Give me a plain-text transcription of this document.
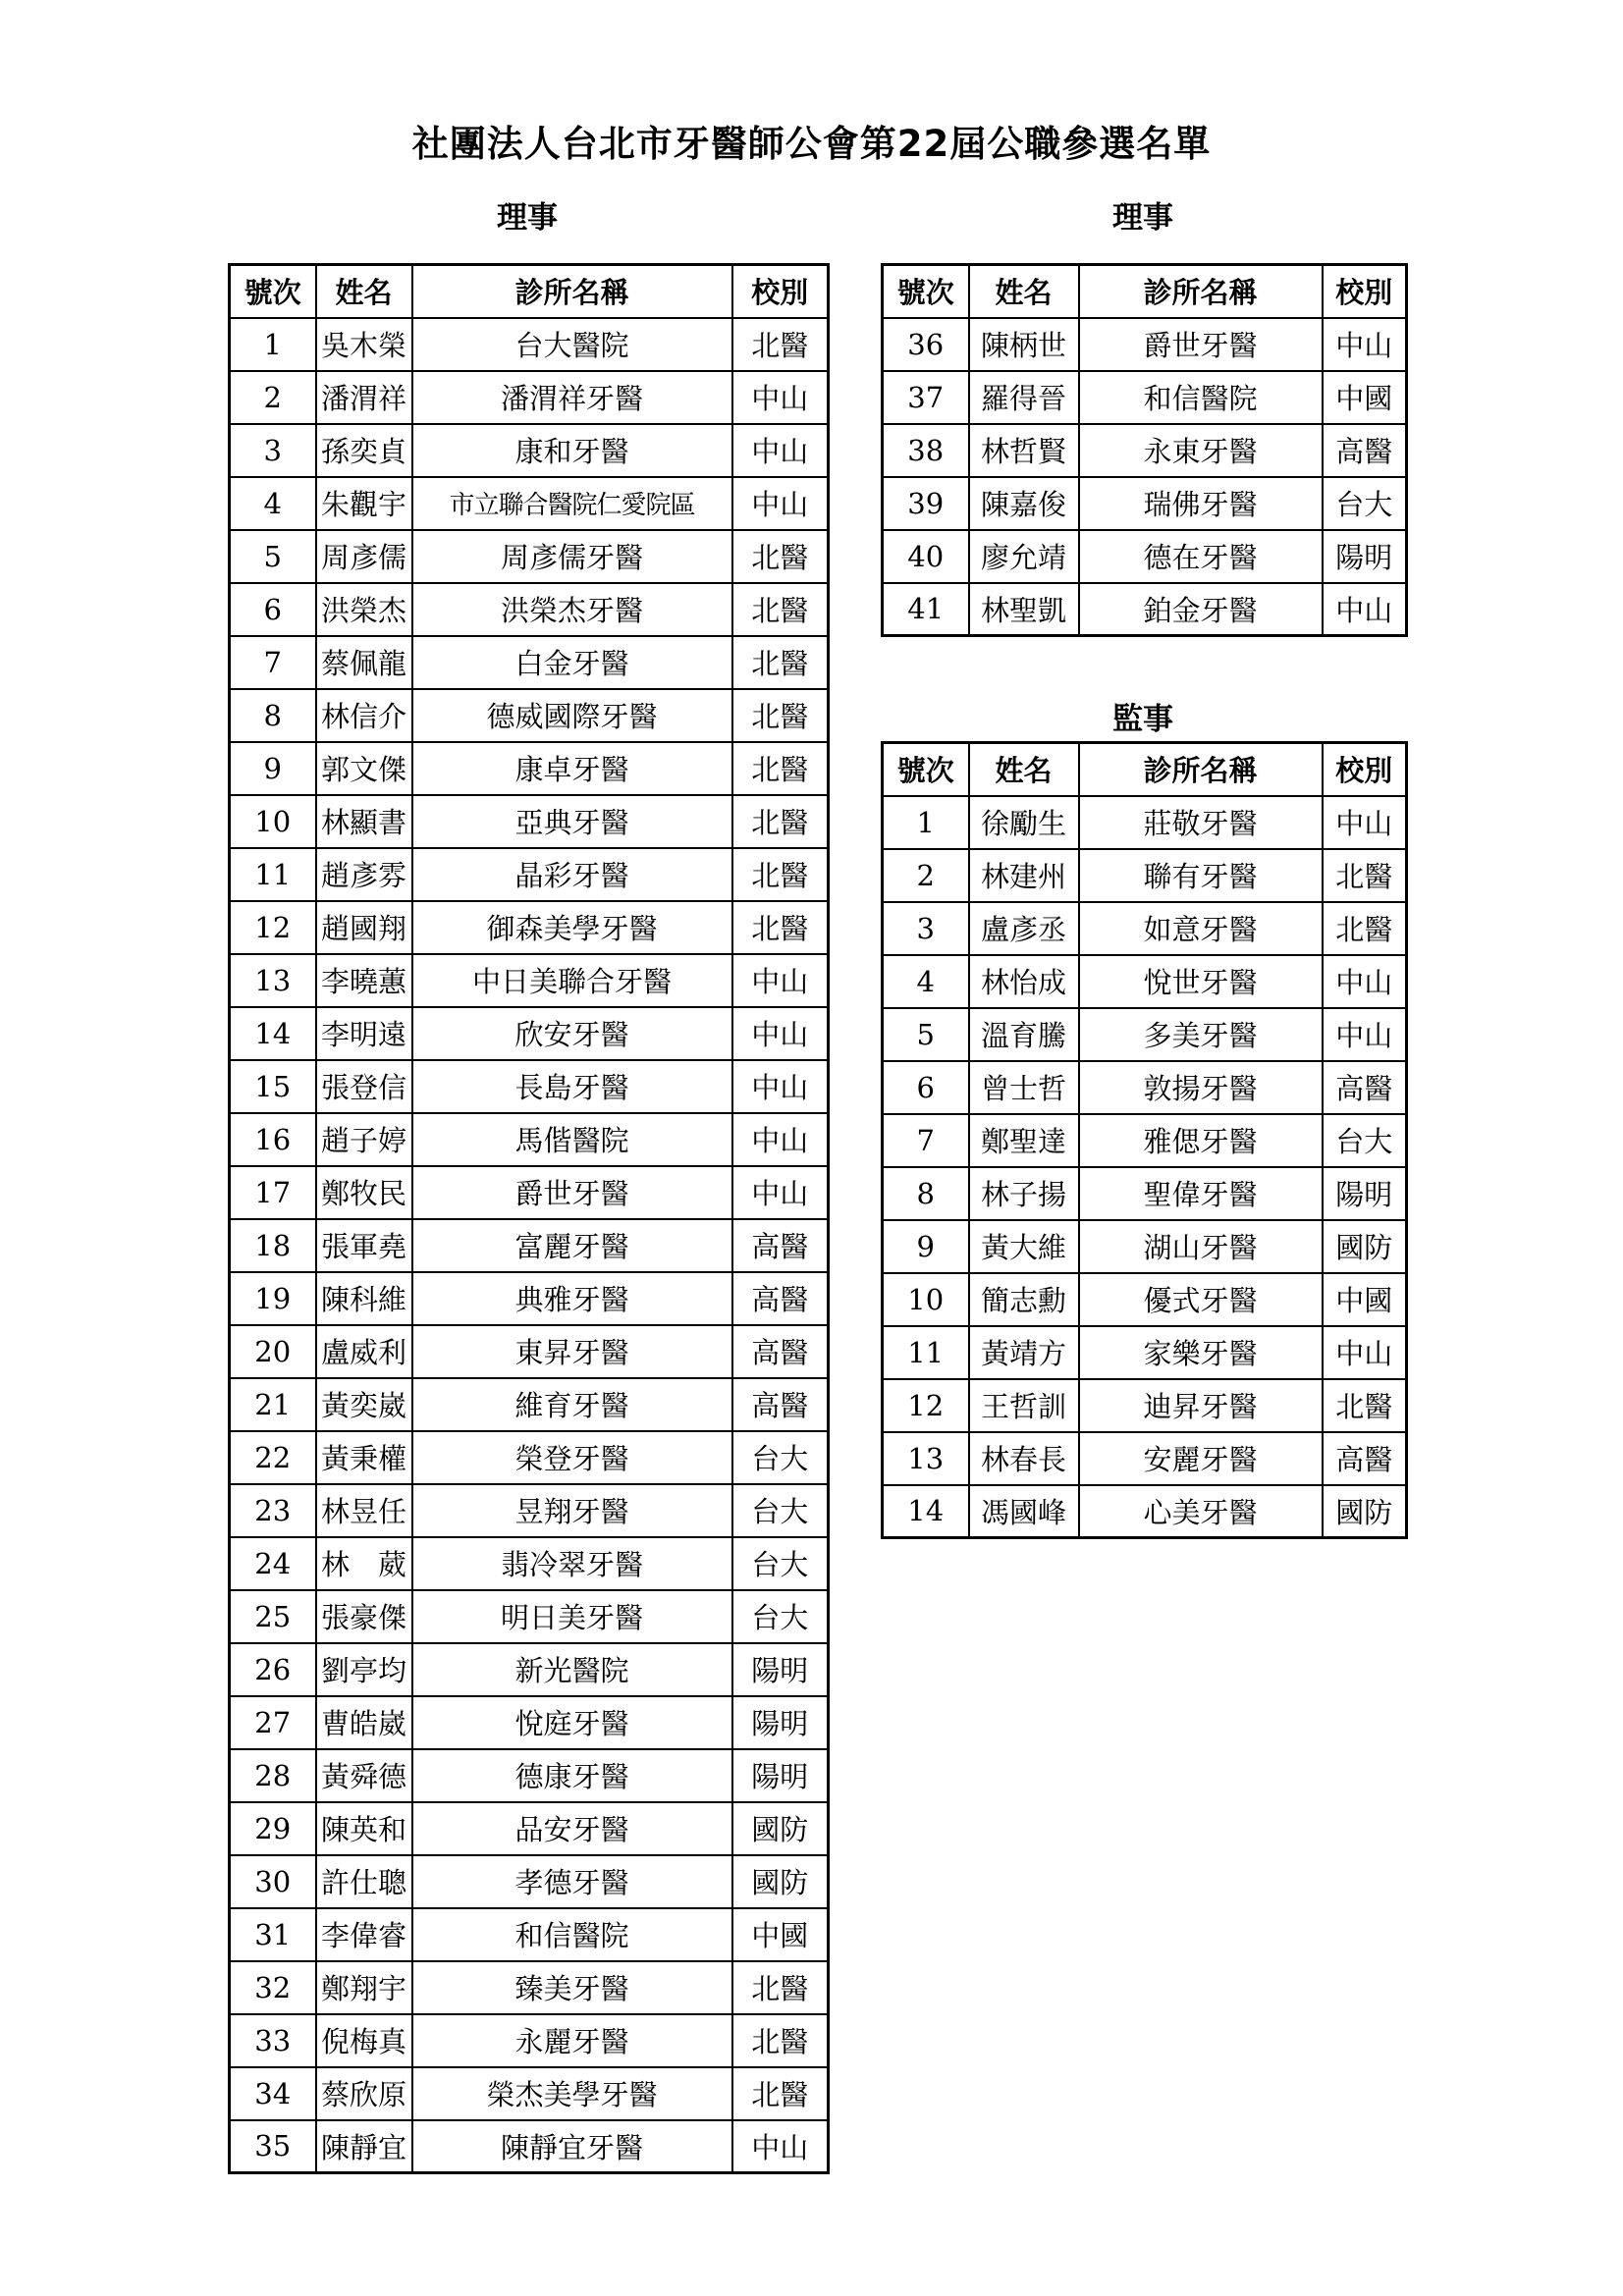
社團法人台北市牙醫師公會第22屆公職參選名單
理事	理事
監事
號次	姓名	診所名稱	校別
1	吳木榮	台大醫院	北醫
2	潘渭祥	潘渭祥牙醫	中山
3	孫奕貞	康和牙醫	中山
4	朱觀宇	市立聯合醫院仁愛院區	中山
5	周彥儒	周彥儒牙醫	北醫
6	洪榮杰	洪榮杰牙醫	北醫
7	蔡佩龍	白金牙醫	北醫
8	林信介	德威國際牙醫	北醫
9	郭文傑	康卓牙醫	北醫
10	林顯書	亞典牙醫	北醫
11	趙彥雰	晶彩牙醫	北醫
12	趙國翔	御森美學牙醫	北醫
13	李曉蕙	中日美聯合牙醫	中山
14	李明遠	欣安牙醫	中山
15	張登信	長島牙醫	中山
16	趙子婷	馬偕醫院	中山
17	鄭牧民	爵世牙醫	中山
18	張軍堯	富麗牙醫	高醫
19	陳科維	典雅牙醫	高醫
20	盧威利	東昇牙醫	高醫
21	黃奕崴	維育牙醫	高醫
22	黃秉權	榮登牙醫	台大
23	林昱任	昱翔牙醫	台大
24	林　葳	翡冷翠牙醫	台大
25	張豪傑	明日美牙醫	台大
26	劉亭均	新光醫院	陽明
27	曹皓崴	悅庭牙醫	陽明
28	黃舜德	德康牙醫	陽明
29	陳英和	品安牙醫	國防
30	許仕聰	孝德牙醫	國防
31	李偉睿	和信醫院	中國
32	鄭翔宇	臻美牙醫	北醫
33	倪梅真	永麗牙醫	北醫
34	蔡欣原	榮杰美學牙醫	北醫
35	陳靜宜	陳靜宜牙醫	中山
號次	姓名	診所名稱	校別
36	陳柄世	爵世牙醫	中山
37	羅得晉	和信醫院	中國
38	林哲賢	永東牙醫	高醫
39	陳嘉俊	瑞佛牙醫	台大
40	廖允靖	德在牙醫	陽明
41	林聖凱	鉑金牙醫	中山
號次	姓名	診所名稱	校別
1	徐勵生	莊敬牙醫	中山
2	林建州	聯有牙醫	北醫
3	盧彥丞	如意牙醫	北醫
4	林怡成	悅世牙醫	中山
5	溫育騰	多美牙醫	中山
6	曾士哲	敦揚牙醫	高醫
7	鄭聖達	雅偲牙醫	台大
8	林子揚	聖偉牙醫	陽明
9	黃大維	湖山牙醫	國防
10	簡志勳	優式牙醫	中國
11	黃靖方	家樂牙醫	中山
12	王哲訓	迪昇牙醫	北醫
13	林春長	安麗牙醫	高醫
14	馮國峰	心美牙醫	國防
